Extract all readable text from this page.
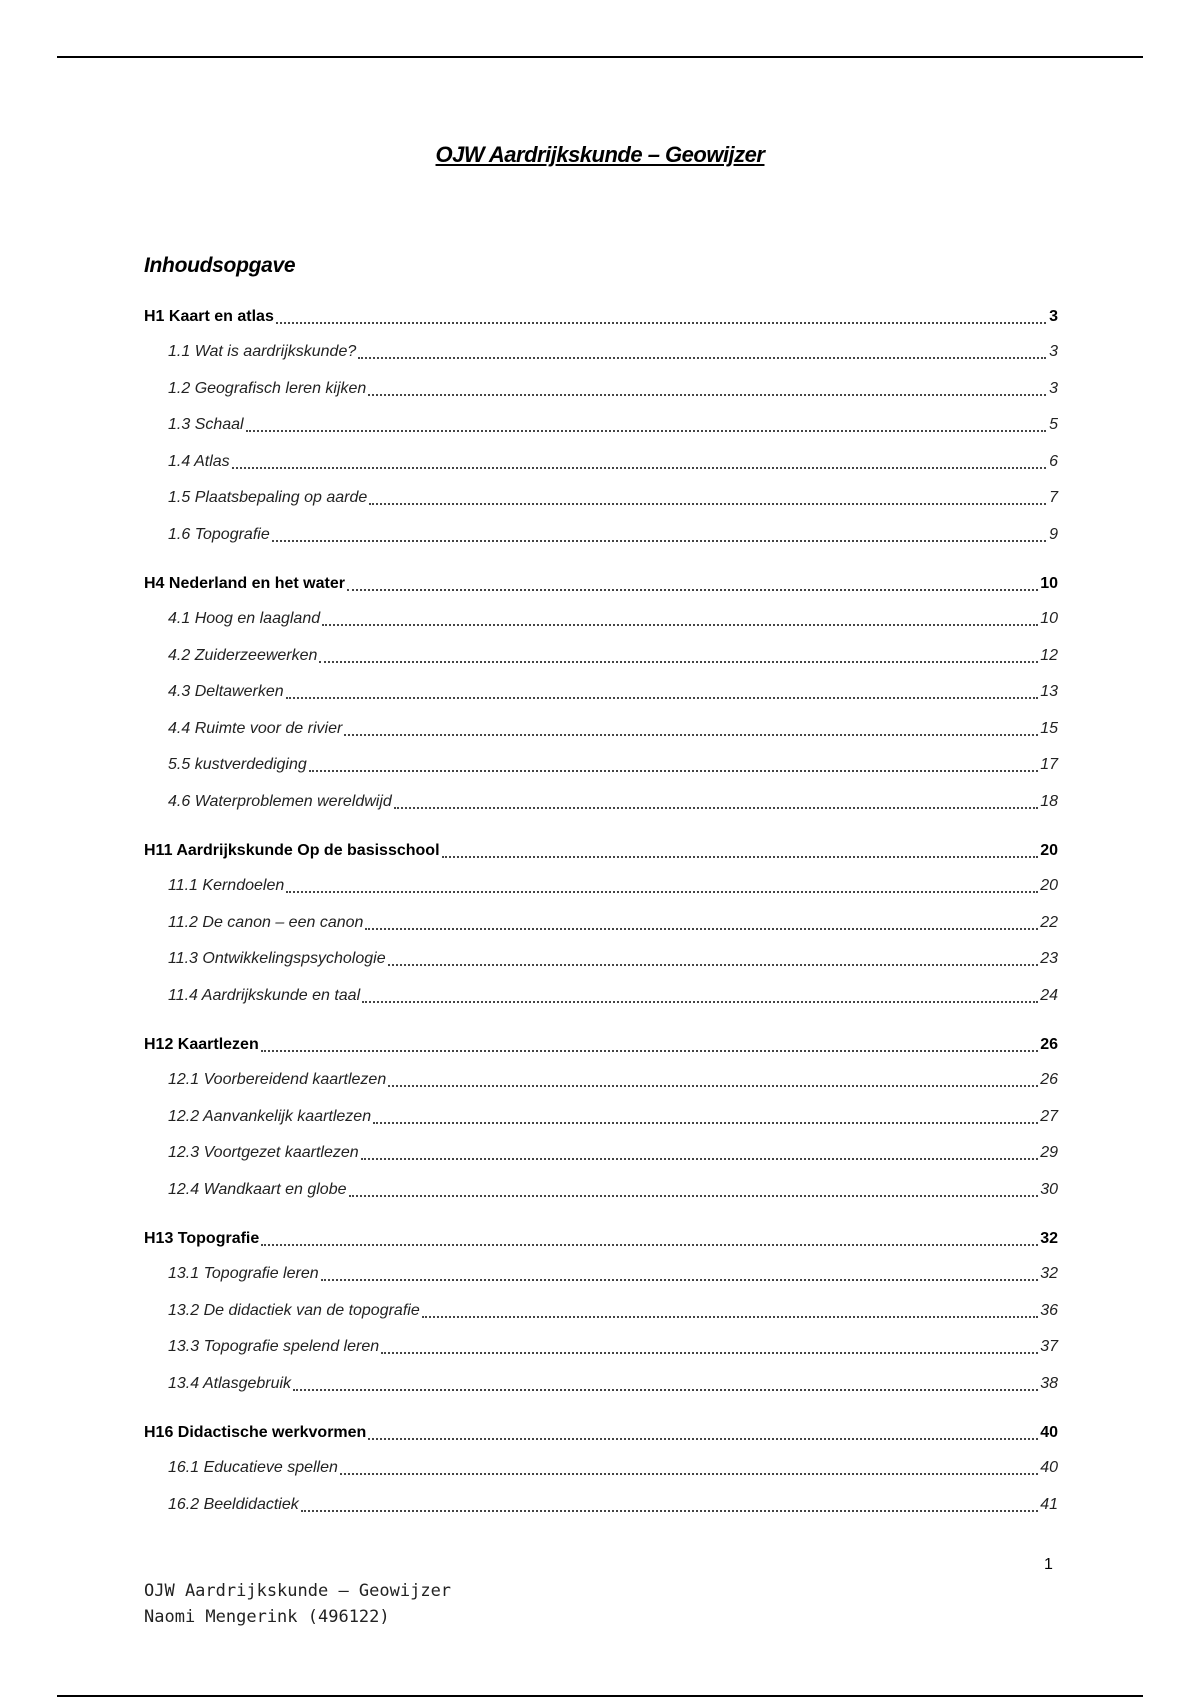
OJW Aardrijkskunde – Geowijzer
Inhoudsopgave
H1 Kaart en atlas	3
1.1 Wat is aardrijkskunde?	3
1.2 Geografisch leren kijken	3
1.3 Schaal	5
1.4 Atlas	6
1.5 Plaatsbepaling op aarde	7
1.6 Topografie	9
H4 Nederland en het water	10
4.1 Hoog en laagland	10
4.2 Zuiderzeewerken	12
4.3 Deltawerken	13
4.4 Ruimte voor de rivier	15
5.5 kustverdediging	17
4.6 Waterproblemen wereldwijd	18
H11 Aardrijkskunde Op de basisschool	20
11.1 Kerndoelen	20
11.2 De canon – een canon	22
11.3 Ontwikkelingspsychologie	23
11.4 Aardrijkskunde en taal	24
H12 Kaartlezen	26
12.1 Voorbereidend kaartlezen	26
12.2 Aanvankelijk kaartlezen	27
12.3 Voortgezet kaartlezen	29
12.4 Wandkaart en globe	30
H13 Topografie	32
13.1 Topografie leren	32
13.2 De didactiek van de topografie	36
13.3 Topografie spelend leren	37
13.4 Atlasgebruik	38
H16 Didactische werkvormen	40
16.1 Educatieve spellen	40
16.2 Beeldidactiek	41
1
OJW Aardrijkskunde – Geowijzer
Naomi Mengerink (496122)
